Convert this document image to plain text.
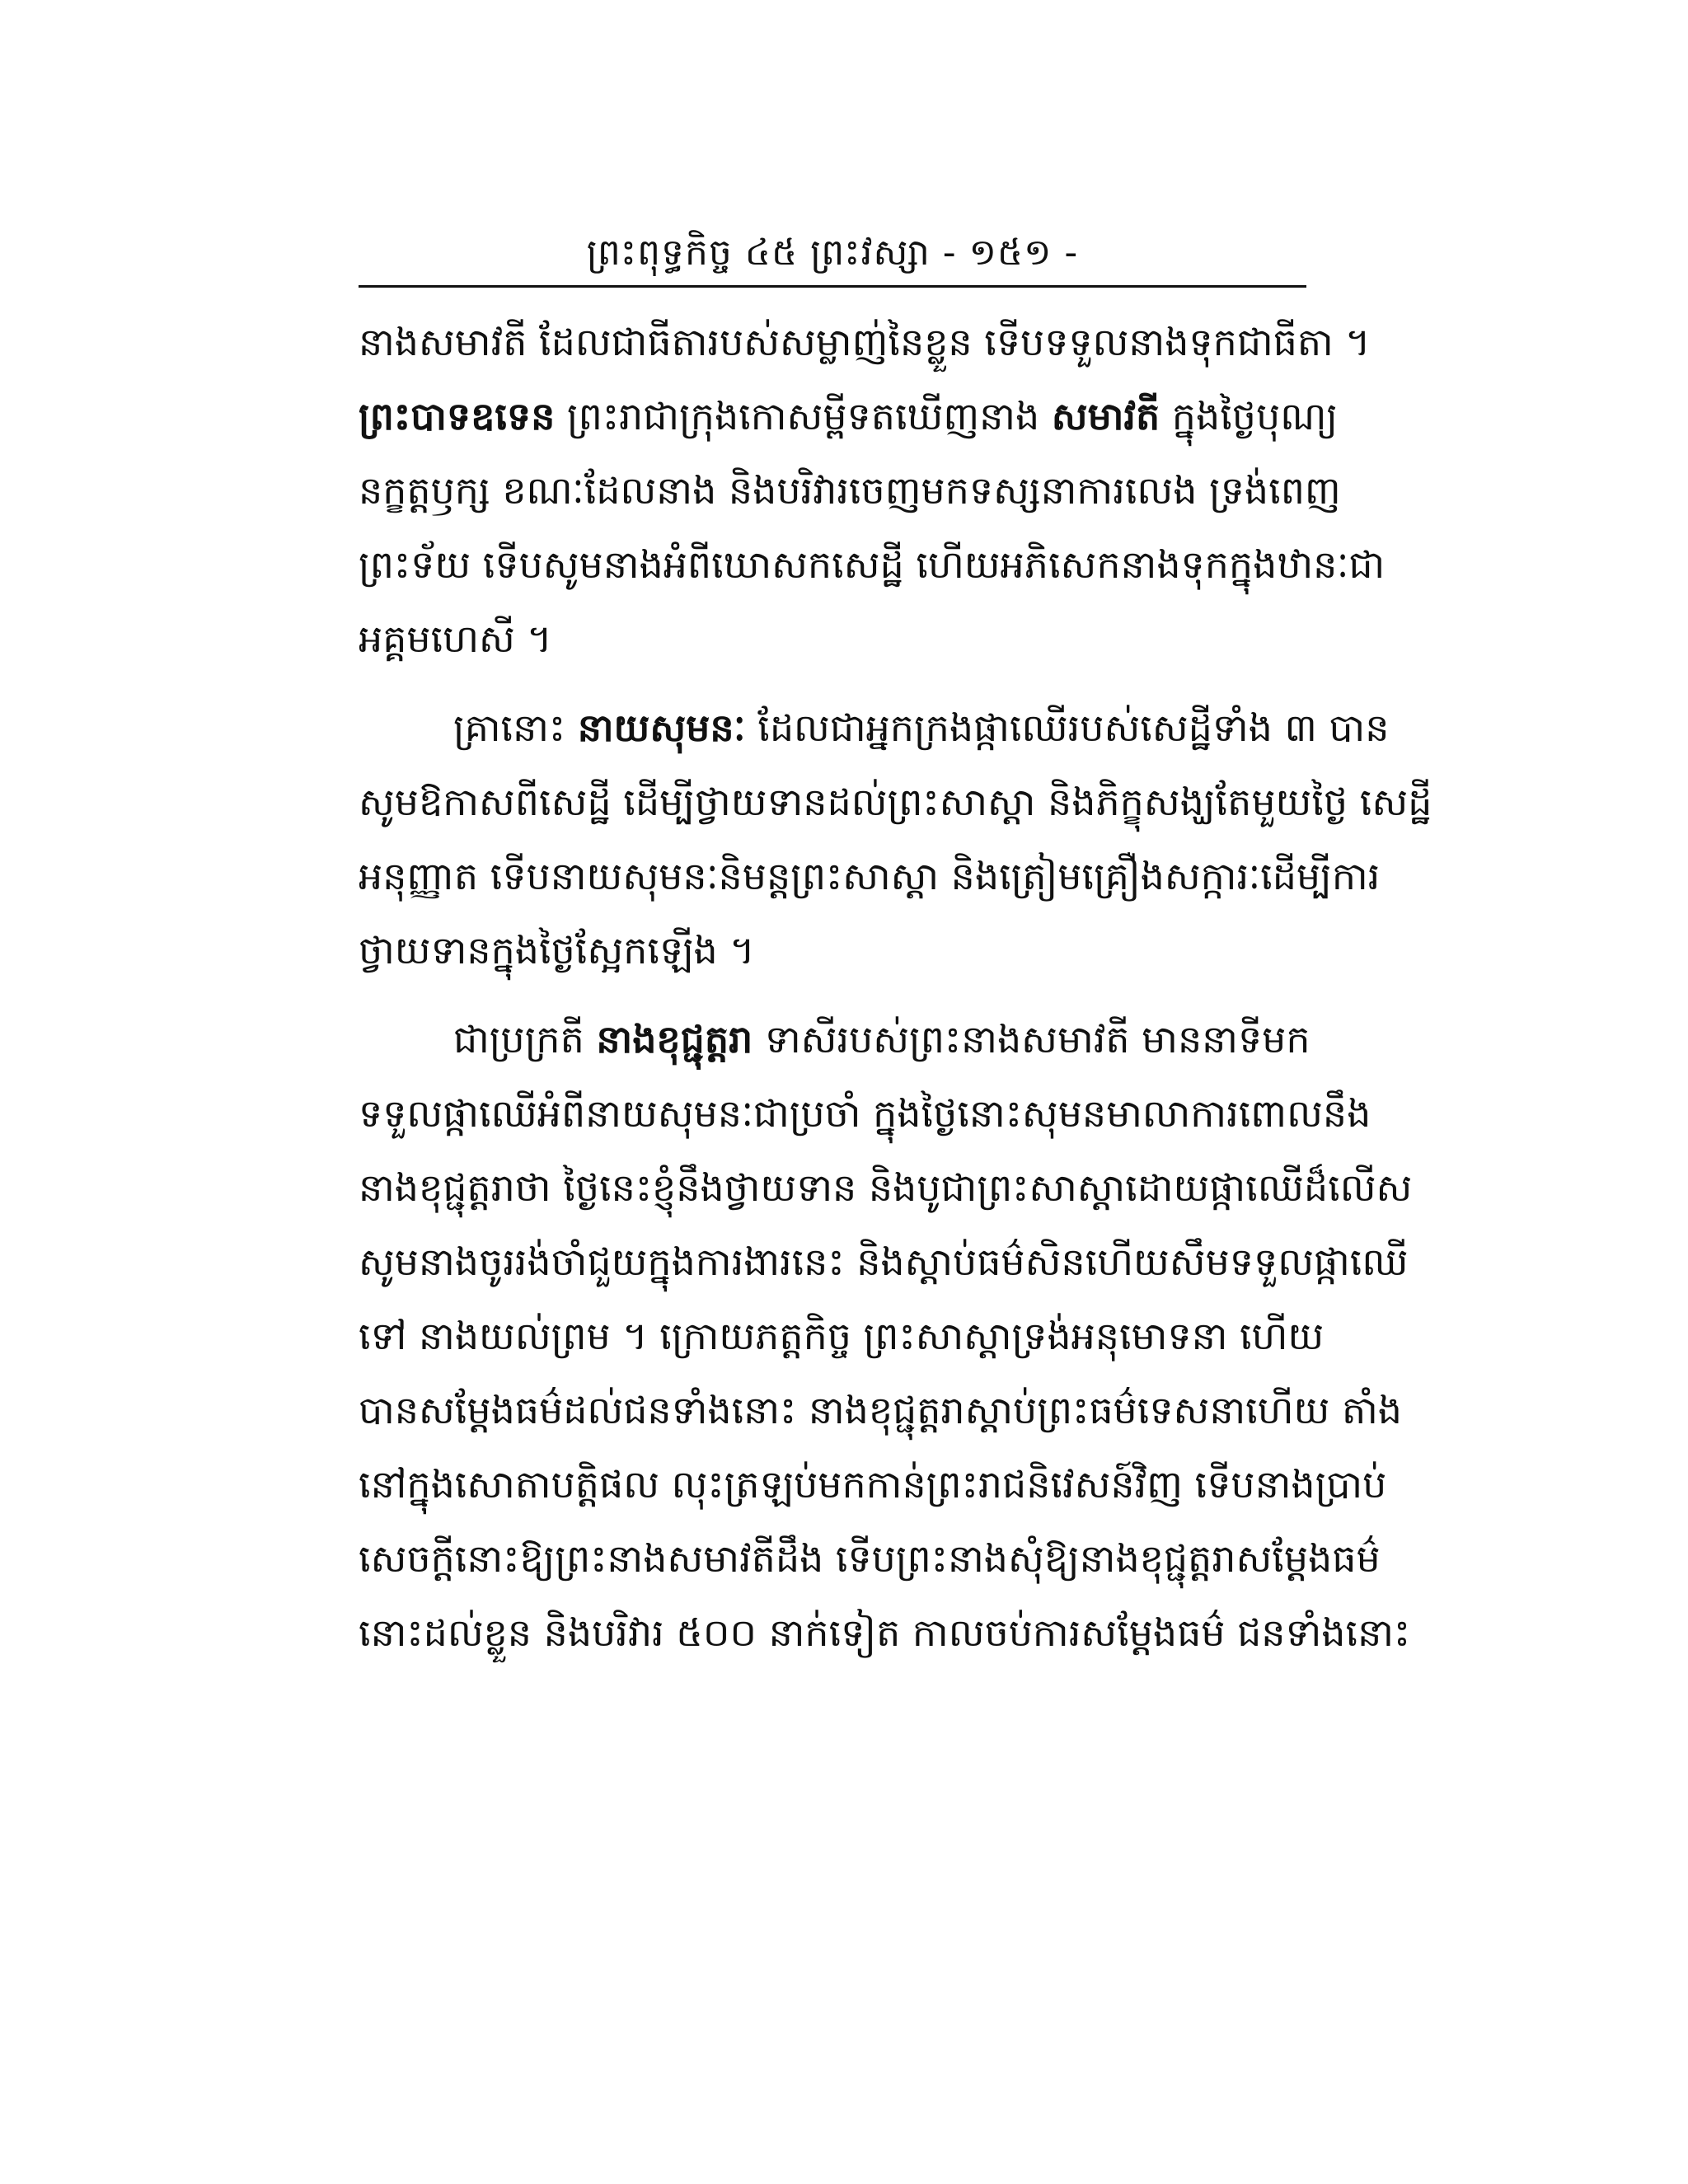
ព្រះពុទ្ធកិច្ច ៤៥ ព្រះវស្សា - ១៥១ -
នាងសមាវតី ដែលជាធីតារបស់សម្លាញ់នៃខ្លួន ទើបទទួលនាងទុកជាធីតា ។
ព្រះបាទឧទេន ព្រះរាជាក្រុងកោសម្ពីទតឃើញនាង សមាវតី ក្នុងថ្ងៃបុណ្យ
នក្ខត្តឫក្ស ខណៈដែលនាង និងបរិវារចេញមកទស្សនាការលេង ទ្រង់ពេញ
ព្រះទ័យ ទើបសូមនាងអំពីឃោសកសេដ្ឋី ហើយអភិសេកនាងទុកក្នុងឋានៈជា
អគ្គមហេសី ។
គ្រានោះ នាយសុមនៈ ដែលជាអ្នកក្រងផ្កាឈើរបស់សេដ្ឋីទាំង ៣ បាន
សូមឱកាសពីសេដ្ឋី ដើម្បីថ្វាយទានដល់ព្រះសាស្តា និងភិក្ខុសង្ឃតែមួយថ្ងៃ សេដ្ឋី
អនុញ្ញាត ទើបនាយសុមនៈនិមន្តព្រះសាស្តា និងត្រៀមគ្រឿងសក្ការៈដើម្បីការ
ថ្វាយទានក្នុងថ្ងៃស្អែកឡើង ។
ជាប្រក្រតី នាងខុជ្ជុត្តរា ទាសីរបស់ព្រះនាងសមាវតី មាននាទីមក
ទទួលផ្កាឈើអំពីនាយសុមនៈជាប្រចាំ ក្នុងថ្ងៃនោះសុមនមាលាការពោលនឹង
នាងខុជ្ជុត្តរាថា ថ្ងៃនេះខ្ញុំនឹងថ្វាយទាន និងបូជាព្រះសាស្តាដោយផ្កាឈើដ៏លើស
សូមនាងចូររង់ចាំជួយក្នុងការងារនេះ និងស្តាប់ធម៌សិនហើយសឹមទទួលផ្កាឈើ
ទៅ នាងយល់ព្រម ។ ក្រោយភត្តកិច្ច ព្រះសាស្តាទ្រង់អនុមោទនា ហើយ
បានសម្តែងធម៌ដល់ជនទាំងនោះ នាងខុជ្ជុត្តរាស្តាប់ព្រះធម៌ទេសនាហើយ តាំង
នៅក្នុងសោតាបត្តិផល លុះត្រឡប់មកកាន់ព្រះរាជនិវេសន៍វិញ ទើបនាងប្រាប់
សេចក្តីនោះឱ្យព្រះនាងសមាវតីដឹង ទើបព្រះនាងសុំឱ្យនាងខុជ្ជុត្តរាសម្តែងធម៌
នោះដល់ខ្លួន និងបរិវារ ៥០០ នាក់ទៀត កាលចប់ការសម្តែងធម៌ ជនទាំងនោះ
